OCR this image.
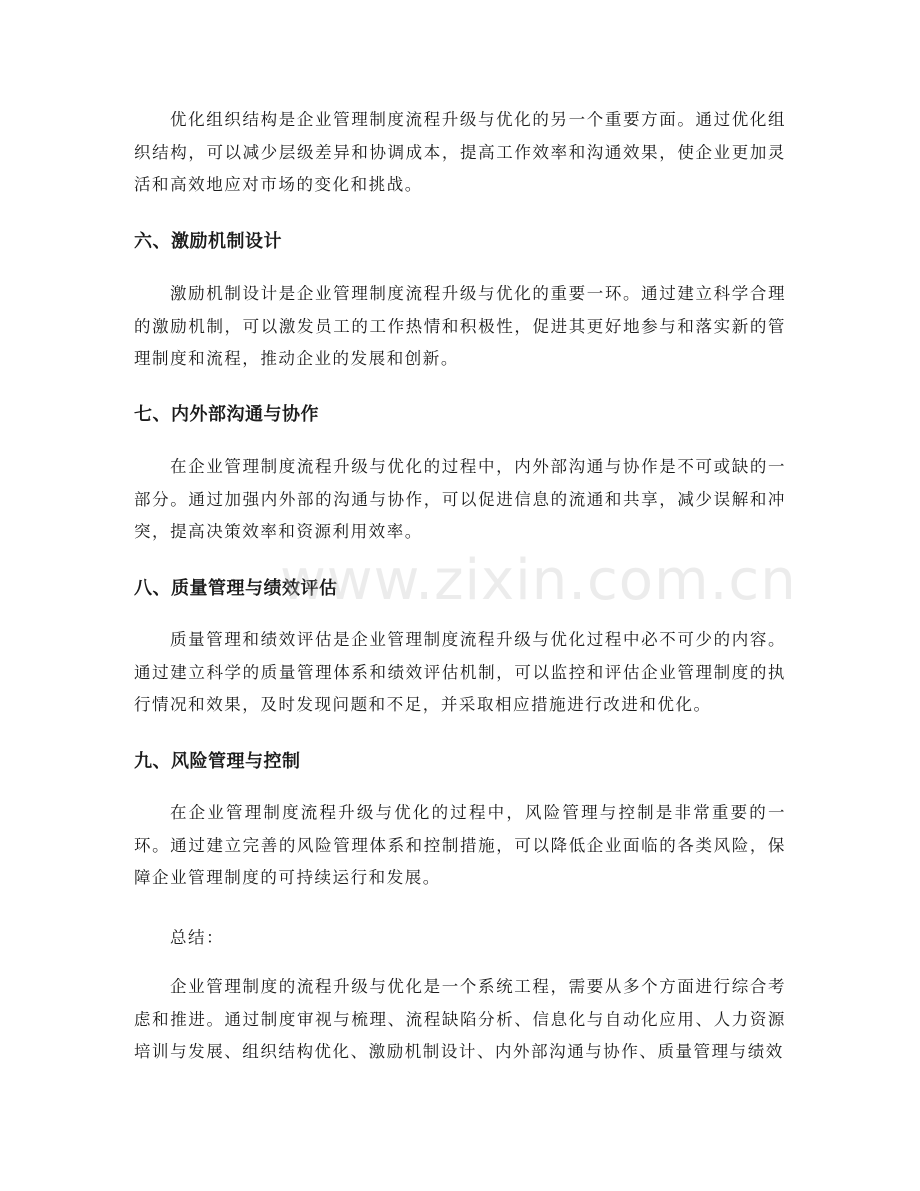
优化组织结构是企业管理制度流程升级与优化的另一个重要方面。通过优化组织结构，可以减少层级差异和协调成本，提高工作效率和沟通效果，使企业更加灵活和高效地应对市场的变化和挑战。

六、激励机制设计

激励机制设计是企业管理制度流程升级与优化的重要一环。通过建立科学合理的激励机制，可以激发员工的工作热情和积极性，促进其更好地参与和落实新的管理制度和流程，推动企业的发展和创新。

七、内外部沟通与协作

在企业管理制度流程升级与优化的过程中，内外部沟通与协作是不可或缺的一部分。通过加强内外部的沟通与协作，可以促进信息的流通和共享，减少误解和冲突，提高决策效率和资源利用效率。

八、质量管理与绩效评估

质量管理和绩效评估是企业管理制度流程升级与优化过程中必不可少的内容。通过建立科学的质量管理体系和绩效评估机制，可以监控和评估企业管理制度的执行情况和效果，及时发现问题和不足，并采取相应措施进行改进和优化。

九、风险管理与控制

在企业管理制度流程升级与优化的过程中，风险管理与控制是非常重要的一环。通过建立完善的风险管理体系和控制措施，可以降低企业面临的各类风险，保障企业管理制度的可持续运行和发展。

总结：

企业管理制度的流程升级与优化是一个系统工程，需要从多个方面进行综合考虑和推进。通过制度审视与梳理、流程缺陷分析、信息化与自动化应用、人力资源培训与发展、组织结构优化、激励机制设计、内外部沟通与协作、质量管理与绩效

www.zixin.com.cn
